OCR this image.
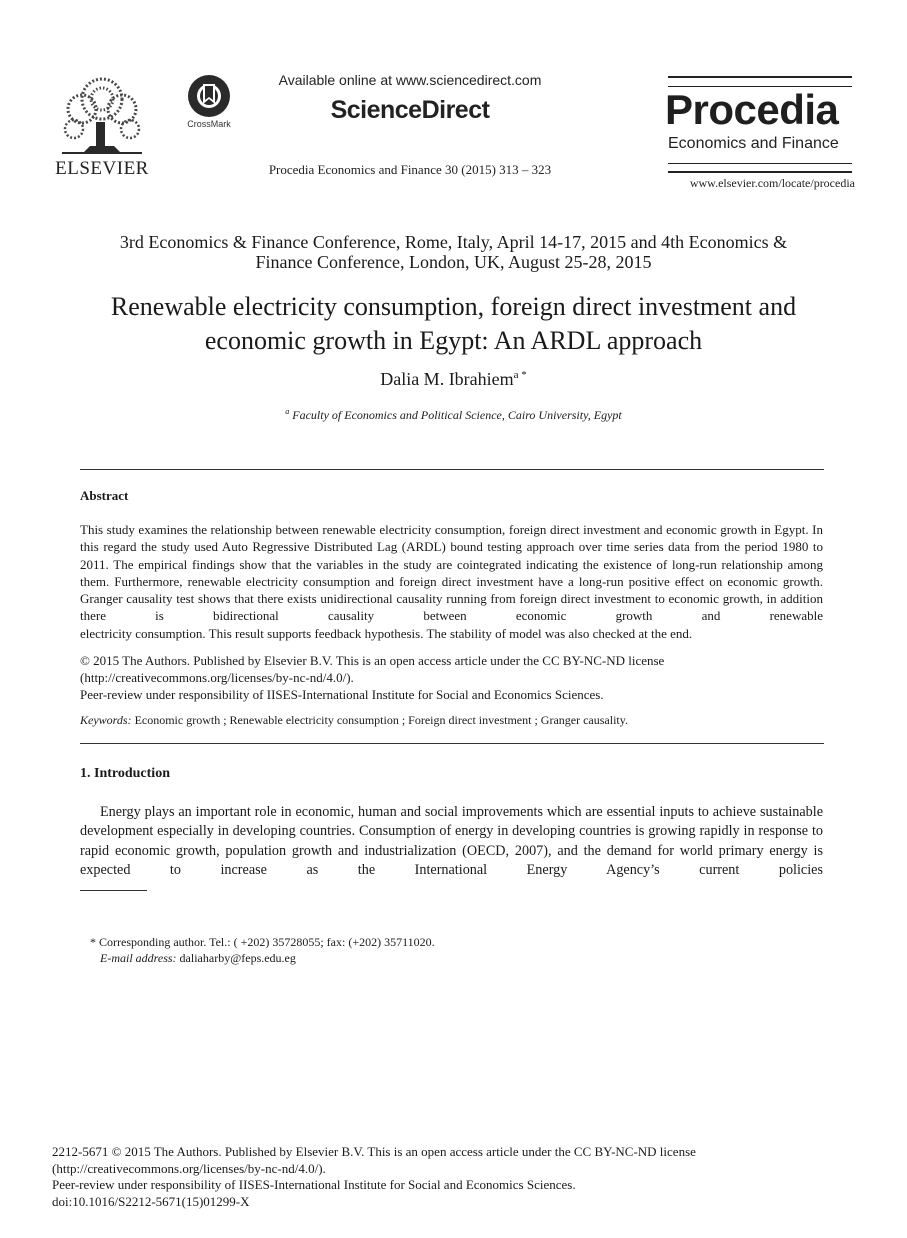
ELSEVIER
CrossMark
Available online at www.sciencedirect.com
ScienceDirect
Procedia Economics and Finance 30 (2015) 313 – 323
Procedia
Economics and Finance
www.elsevier.com/locate/procedia
3rd Economics & Finance Conference, Rome, Italy, April 14-17, 2015 and 4th Economics &
Finance Conference, London, UK, August 25-28, 2015
Renewable electricity consumption, foreign direct investment and
economic growth in Egypt: An ARDL approach
Dalia M. Ibrahiem$^{a *}$
$^a$ Faculty of Economics and Political Science, Cairo University, Egypt
Abstract
This study examines the relationship between renewable electricity consumption, foreign direct investment and economic growth in Egypt. In this regard the study used Auto Regressive Distributed Lag (ARDL) bound testing approach over time series data from the period 1980 to 2011. The empirical findings show that the variables in the study are cointegrated indicating the existence of long-run relationship among them. Furthermore, renewable electricity consumption and foreign direct investment have a long-run positive effect on economic growth. Granger causality test shows that there exists unidirectional causality running from foreign direct investment to economic growth, in addition there is bidirectional causality between economic growth and renewable
electricity consumption. This result supports feedback hypothesis. The stability of model was also checked at the end.
© 2015 The Authors. Published by Elsevier B.V. This is an open access article under the CC BY-NC-ND license
(http://creativecommons.org/licenses/by-nc-nd/4.0/).
Peer-review under responsibility of IISES-International Institute for Social and Economics Sciences.
Keywords: Economic growth ; Renewable electricity consumption ; Foreign direct investment ; Granger causality.
1. Introduction
Energy plays an important role in economic, human and social improvements which are essential inputs to achieve sustainable development especially in developing countries. Consumption of energy in developing countries is growing rapidly in response to rapid economic growth, population growth and industrialization (OECD, 2007), and the demand for world primary energy is expected to increase as the International Energy Agency’s current policies
* Corresponding author. Tel.: ( +202) 35728055; fax: (+202) 35711020.
E-mail address: daliaharby@feps.edu.eg
2212-5671 © 2015 The Authors. Published by Elsevier B.V. This is an open access article under the CC BY-NC-ND license
(http://creativecommons.org/licenses/by-nc-nd/4.0/).
Peer-review under responsibility of IISES-International Institute for Social and Economics Sciences.
doi:10.1016/S2212-5671(15)01299-X
